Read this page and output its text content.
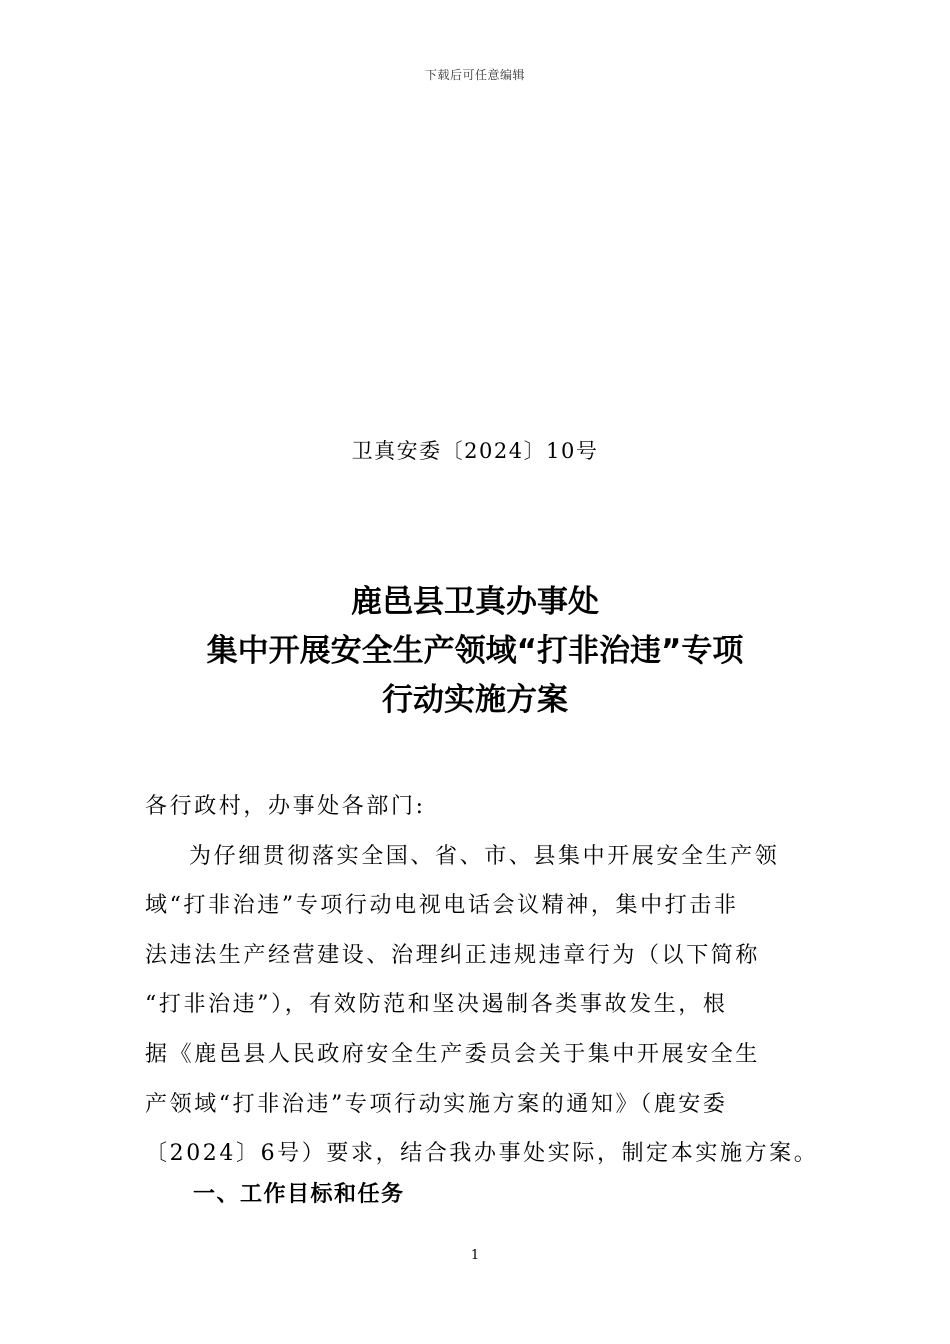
下载后可任意编辑
卫真安委〔2024〕10号
鹿邑县卫真办事处
集中开展安全生产领域“打非治违”专项
行动实施方案
各行政村，办事处各部门:
为仔细贯彻落实全国、省、市、县集中开展安全生产领
域“打非治违”专项行动电视电话会议精神，集中打击非
法违法生产经营建设、治理纠正违规违章行为（以下简称
“打非治违”），有效防范和坚决遏制各类事故发生，根
据《鹿邑县人民政府安全生产委员会关于集中开展安全生
产领域“打非治违”专项行动实施方案的通知》（鹿安委
〔2024〕6号）要求，结合我办事处实际，制定本实施方案。
一、工作目标和任务
1
